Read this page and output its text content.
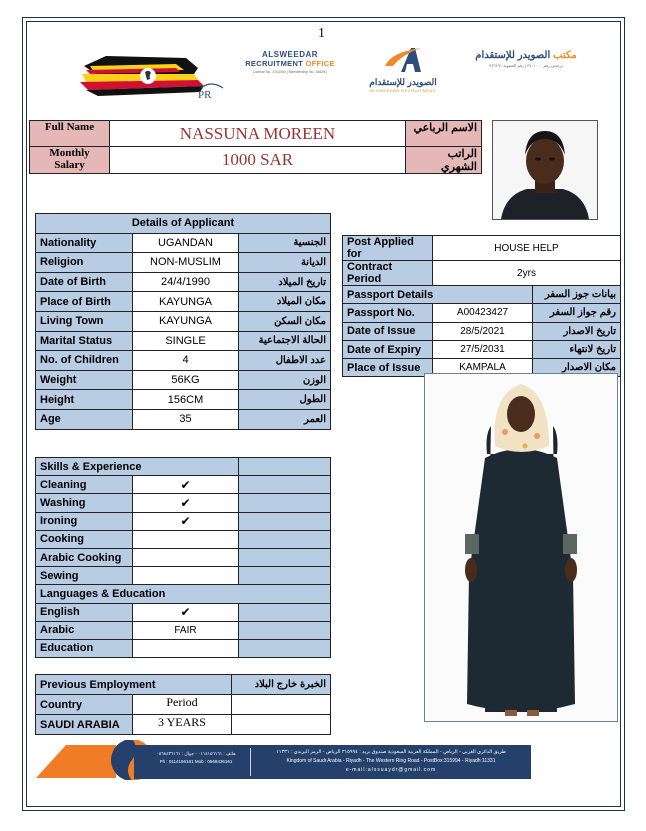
1
PR
ALSWEEDAR
RECRUITMENT OFFICE
License No. 3701000 | Membership No. 346291
الصويدر للإستقدام
ALSWEEDAR RECRUITMENT
مكتب الصويدر للإستقدام
ترخيص رقم ٣٧٠١٠٠٠ | رقم العضوية ٣٤٦٢٩١
Full Name	NASSUNA MOREEN	الاسم الرباعي
Monthly Salary	1000 SAR	الراتب الشهري
Details of Applicant		
Nationality	UGANDAN	الجنسية
Religion	NON-MUSLIM	الديانة
Date of Birth	24/4/1990	تاريخ الميلاد
Place of Birth	KAYUNGA	مكان الميلاد
Living Town	KAYUNGA	مكان السكن
Marital Status	SINGLE	الحالة الاجتماعية
No. of Children	4	عدد الاطفال
Weight	56KG	الوزن
Height	156CM	الطول
Age	35	العمر
Post Applied for	HOUSE HELP	
Contract Period	2yrs	
Passport Details		بيانات جوز السفر
Passport No.	A00423427	رقم جواز السفر
Date of Issue	28/5/2021	تاريخ الاصدار
Date of Expiry	27/5/2031	تاريخ لانتهاء
Place of Issue	KAMPALA	مكان الاصدار
Skills & Experience		
Cleaning	✔	
Washing	✔	
Ironing	✔	
Cooking		
Arabic Cooking		
Sewing		
Languages & Education		
English	✔	
Arabic	FAIR	
Education		
Previous Employment		الخبرة خارج البلاد
Country	Period	
SAUDI ARABIA	3 YEARS	
هاتف : ٠١١٤١٥٦١٦١ - جوال : ٠٥٦٨٤٣٦١٦١
Ph : 0114156161 Mob : 0568436161
طريق الدائري الغربي - الرياض - المملكة العربية السعودية صندوق بريد : ٣١٥٩٩٤ الرياض - الرمز البريدي : ١١٣٣١
Kingdom of Saudi Arabia - Riyadh - The Western Ring Road - PostBox:315994 - Riyadh:11331
e-mail:alssuaydr@gmail.com
